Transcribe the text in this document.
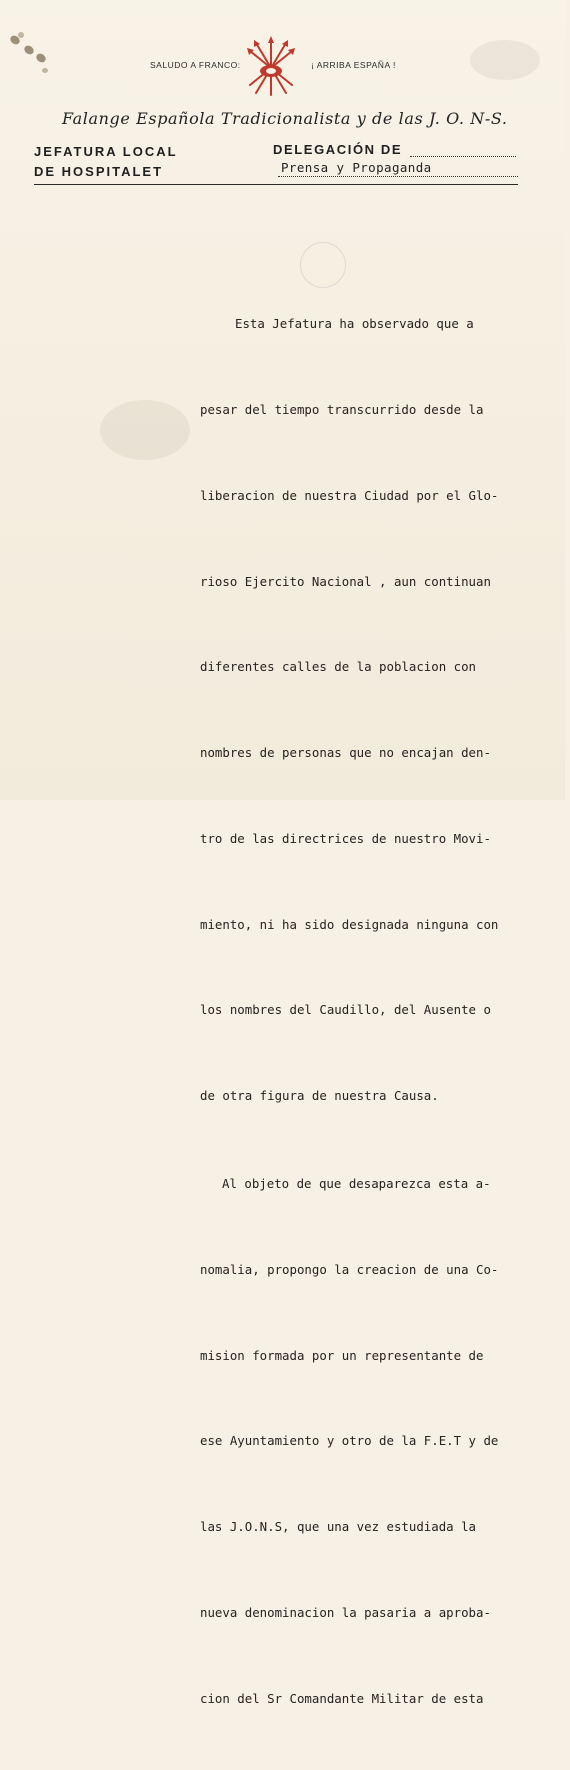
SALUDO A FRANCO:	¡ ARRIBA ESPAÑA !
Falange Española Tradicionalista y de las J. O. N-S.
JEFATURA LOCAL
DE HOSPITALET
DELEGACIÓN DE
Prensa y Propaganda

Esta Jefatura ha observado que a

pesar del tiempo transcurrido desde la

liberacion de nuestra Ciudad por el Glo-

rioso Ejercito Nacional , aun continuan

diferentes calles de la poblacion con

nombres de personas que no encajan den-

tro de las directrices de nuestro Movi-

miento, ni ha sido designada ninguna con

los nombres del Caudillo, del Ausente o

de otra figura de nuestra Causa.

Al objeto de que desaparezca esta a-

nomalia, propongo la creacion de una Co-

mision formada por un representante de

ese Ayuntamiento y otro de la F.E.T y de

las J.O.N.S, que una vez estudiada la

nueva denominacion la pasaria a aproba-

cion del Sr Comandante Militar de esta
